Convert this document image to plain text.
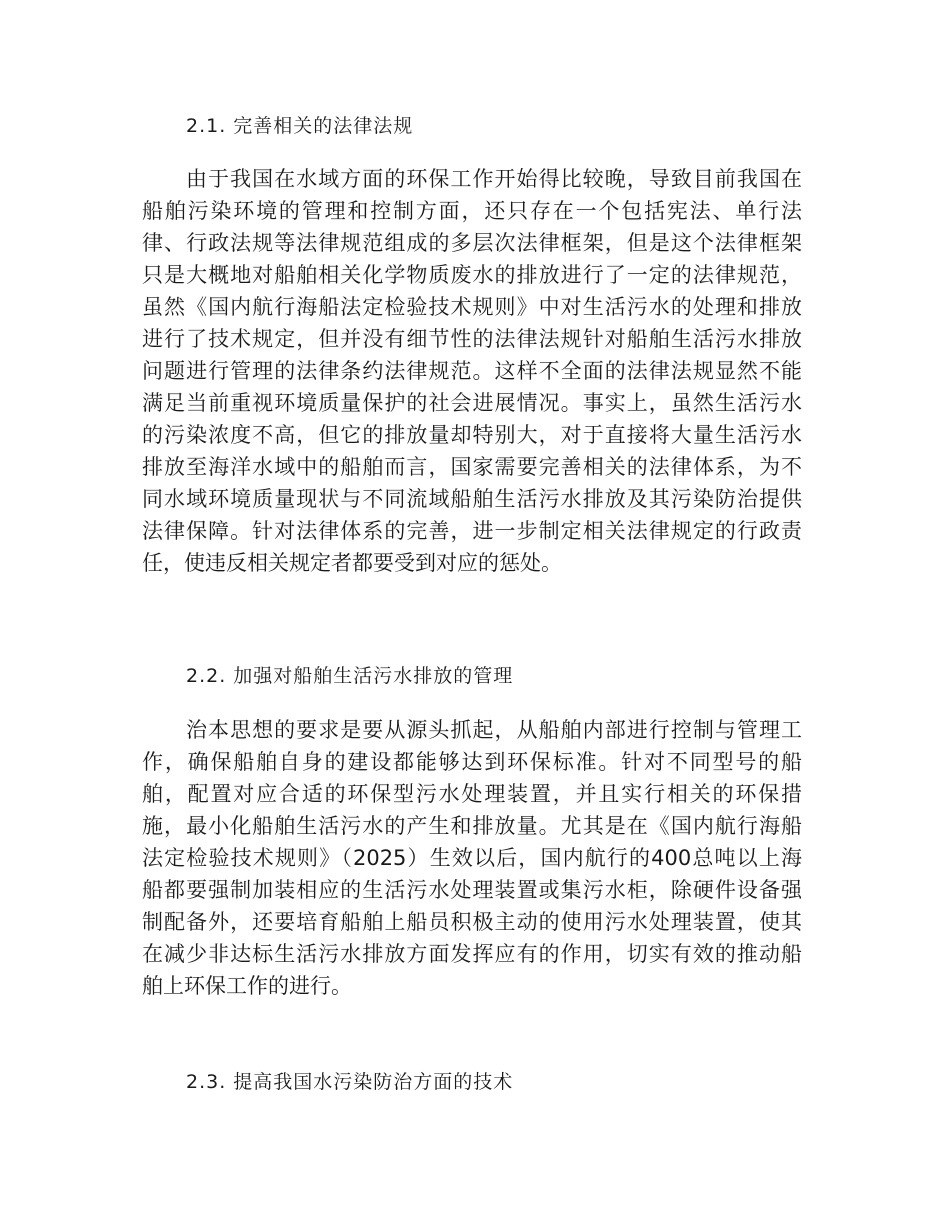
2.1. 完善相关的法律法规
由于我国在水域方面的环保工作开始得比较晚，导致目前我国在
船舶污染环境的管理和控制方面，还只存在一个包括宪法、单行法
律、行政法规等法律规范组成的多层次法律框架，但是这个法律框架
只是大概地对船舶相关化学物质废水的排放进行了一定的法律规范，
虽然《国内航行海船法定检验技术规则》中对生活污水的处理和排放
进行了技术规定，但并没有细节性的法律法规针对船舶生活污水排放
问题进行管理的法律条约法律规范。这样不全面的法律法规显然不能
满足当前重视环境质量保护的社会进展情况。事实上，虽然生活污水
的污染浓度不高，但它的排放量却特别大，对于直接将大量生活污水
排放至海洋水域中的船舶而言，国家需要完善相关的法律体系，为不
同水域环境质量现状与不同流域船舶生活污水排放及其污染防治提供
法律保障。针对法律体系的完善，进一步制定相关法律规定的行政责
任，使违反相关规定者都要受到对应的惩处。
2.2. 加强对船舶生活污水排放的管理
治本思想的要求是要从源头抓起，从船舶内部进行控制与管理工
作，确保船舶自身的建设都能够达到环保标准。针对不同型号的船
舶，配置对应合适的环保型污水处理装置，并且实行相关的环保措
施，最小化船舶生活污水的产生和排放量。尤其是在《国内航行海船
法定检验技术规则》（2025）生效以后，国内航行的400总吨以上海
船都要强制加装相应的生活污水处理装置或集污水柜，除硬件设备强
制配备外，还要培育船舶上船员积极主动的使用污水处理装置，使其
在减少非达标生活污水排放方面发挥应有的作用，切实有效的推动船
舶上环保工作的进行。
2.3. 提高我国水污染防治方面的技术
